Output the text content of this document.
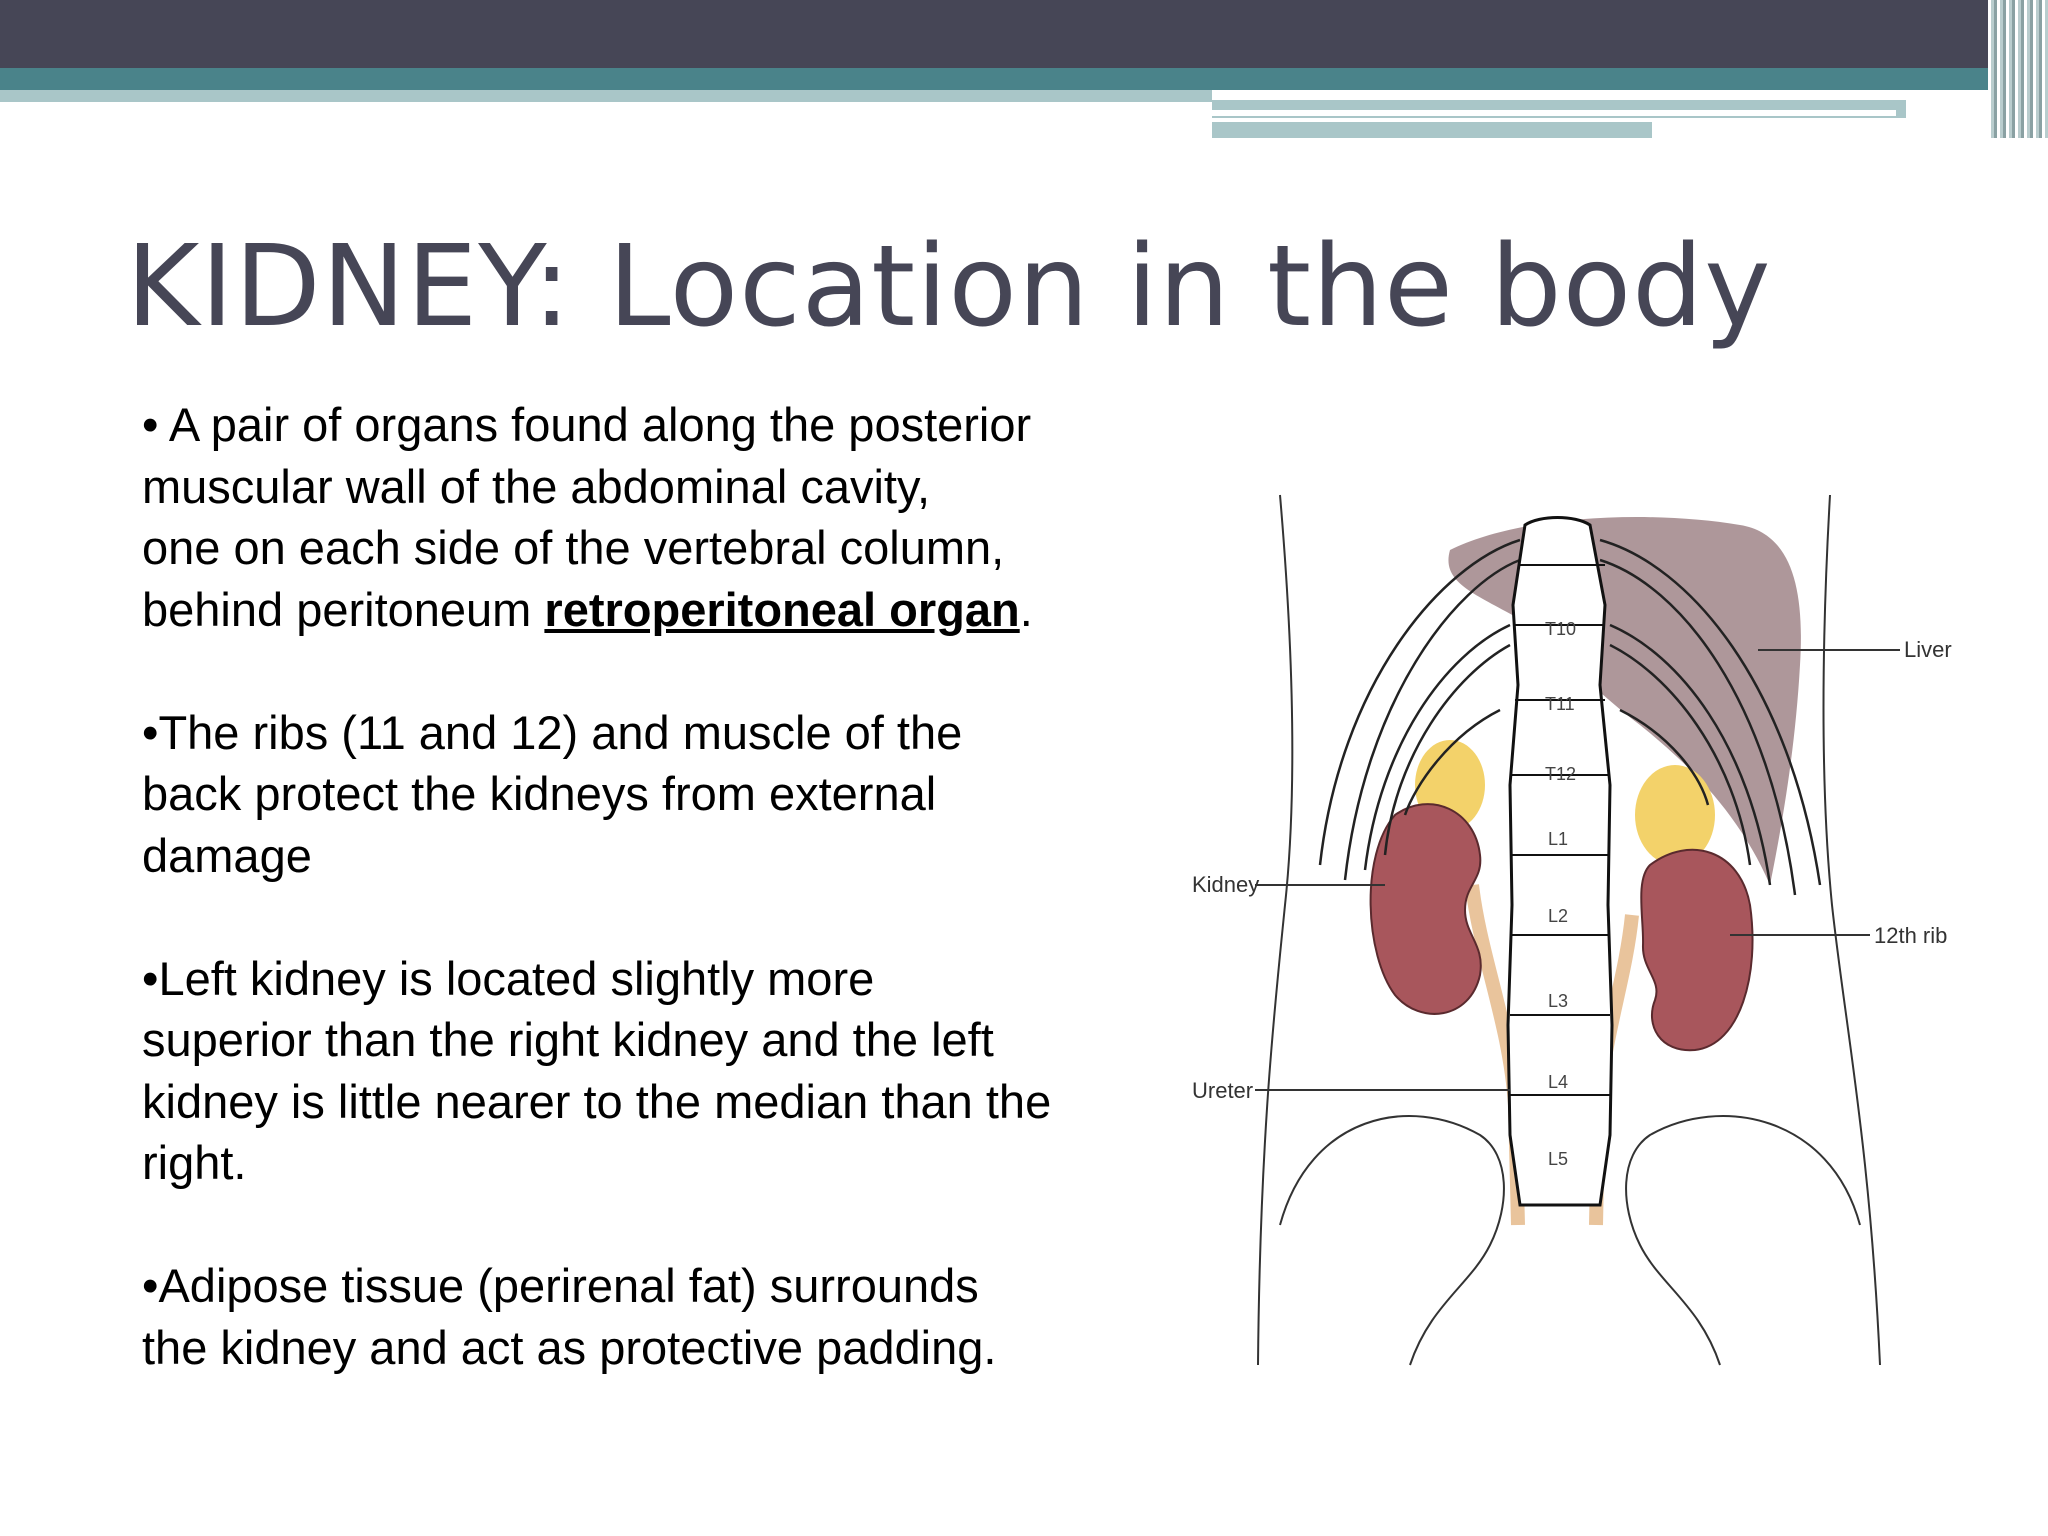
KIDNEY: Location in the body
• A pair of organs found along the posterior
muscular wall of the abdominal cavity,
one on each side of the vertebral column,
behind peritoneum retroperitoneal organ.
•The ribs (11 and 12) and muscle of the
back protect the kidneys from external
damage
•Left kidney is located slightly more
superior than the right kidney and the left
kidney is little nearer to the median than the
right.
•Adipose tissue (perirenal fat) surrounds
the kidney and act as protective padding.
T10
T11
T12
L1
L2
L3
L4
L5
Liver
Kidney
12th rib
Ureter
